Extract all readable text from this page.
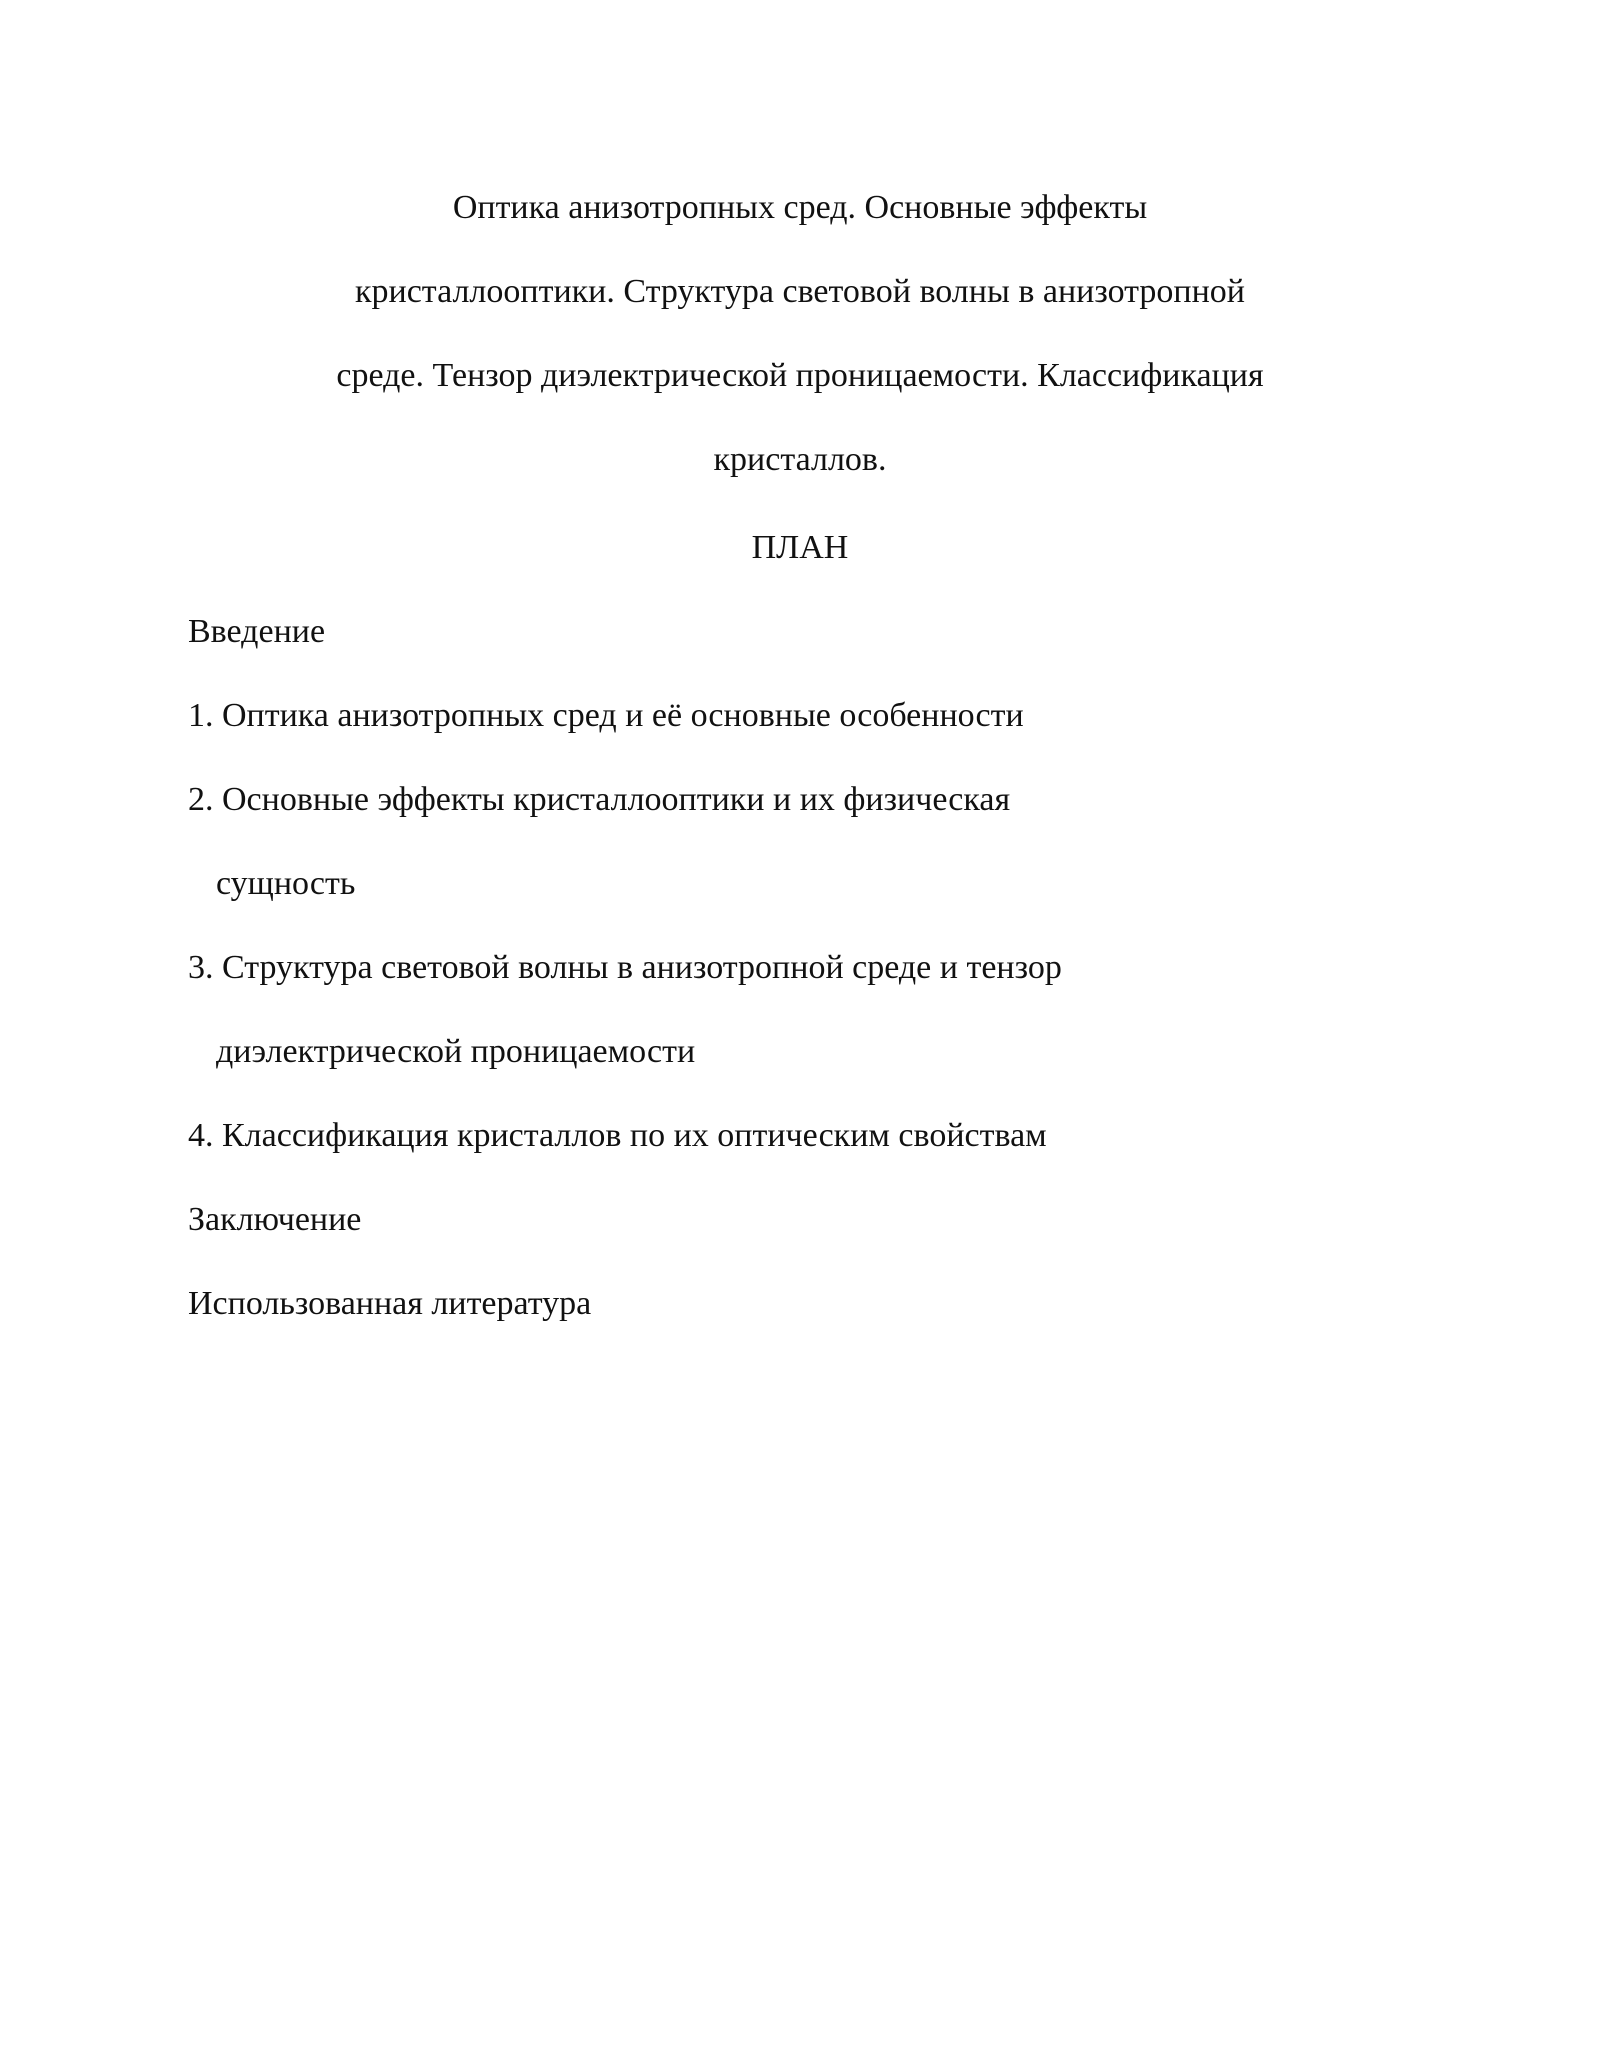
Оптика анизотропных сред. Основные эффекты
кристаллооптики. Структура световой волны в анизотропной
среде. Тензор диэлектрической проницаемости. Классификация
кристаллов.
ПЛАН
Введение
1. Оптика анизотропных сред и её основные особенности
2. Основные эффекты кристаллооптики и их физическая
сущность
3. Структура световой волны в анизотропной среде и тензор
диэлектрической проницаемости
4. Классификация кристаллов по их оптическим свойствам
Заключение
Использованная литература
